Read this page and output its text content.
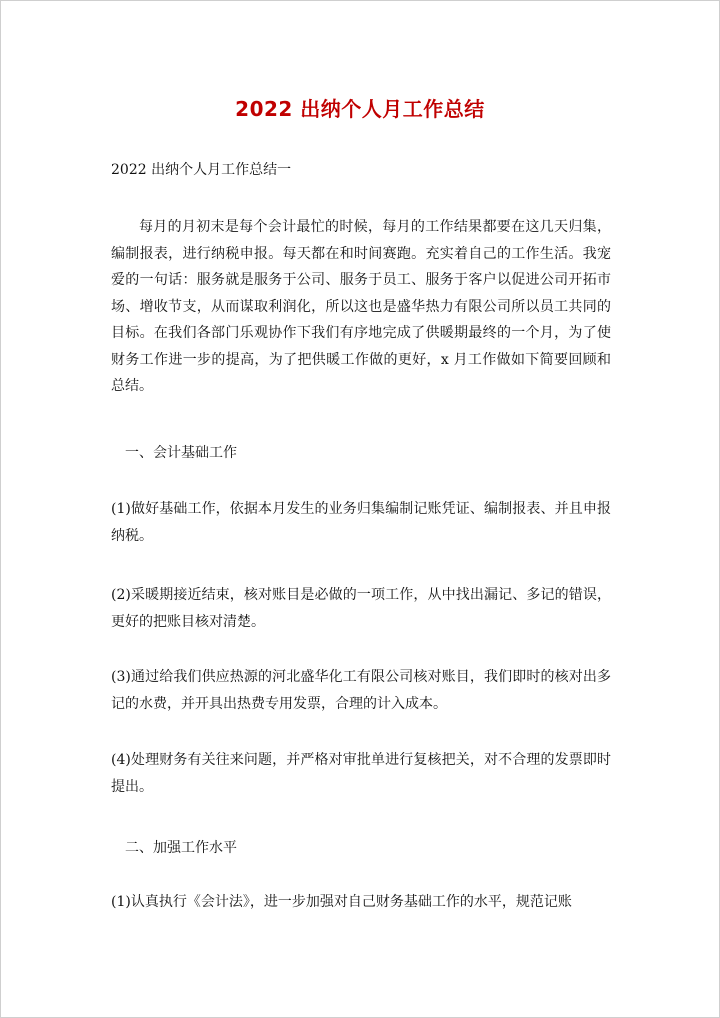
2022 出纳个人月工作总结

2022 出纳个人月工作总结一

每月的月初末是每个会计最忙的时候，每月的工作结果都要在这几天归集，编制报表，进行纳税申报。每天都在和时间赛跑。充实着自己的工作生活。我宠爱的一句话：服务就是服务于公司、服务于员工、服务于客户以促进公司开拓市场、增收节支，从而谋取利润化，所以这也是盛华热力有限公司所以员工共同的目标。在我们各部门乐观协作下我们有序地完成了供暖期最终的一个月，为了使财务工作进一步的提高，为了把供暖工作做的更好，x 月工作做如下简要回顾和总结。

一、会计基础工作

(1)做好基础工作，依据本月发生的业务归集编制记账凭证、编制报表、并且申报纳税。

(2)采暖期接近结束，核对账目是必做的一项工作，从中找出漏记、多记的错误，更好的把账目核对清楚。

(3)通过给我们供应热源的河北盛华化工有限公司核对账目，我们即时的核对出多记的水费，并开具出热费专用发票，合理的计入成本。

(4)处理财务有关往来问题，并严格对审批单进行复核把关，对不合理的发票即时提出。

二、加强工作水平

(1)认真执行《会计法》，进一步加强对自己财务基础工作的水平，规范记账
